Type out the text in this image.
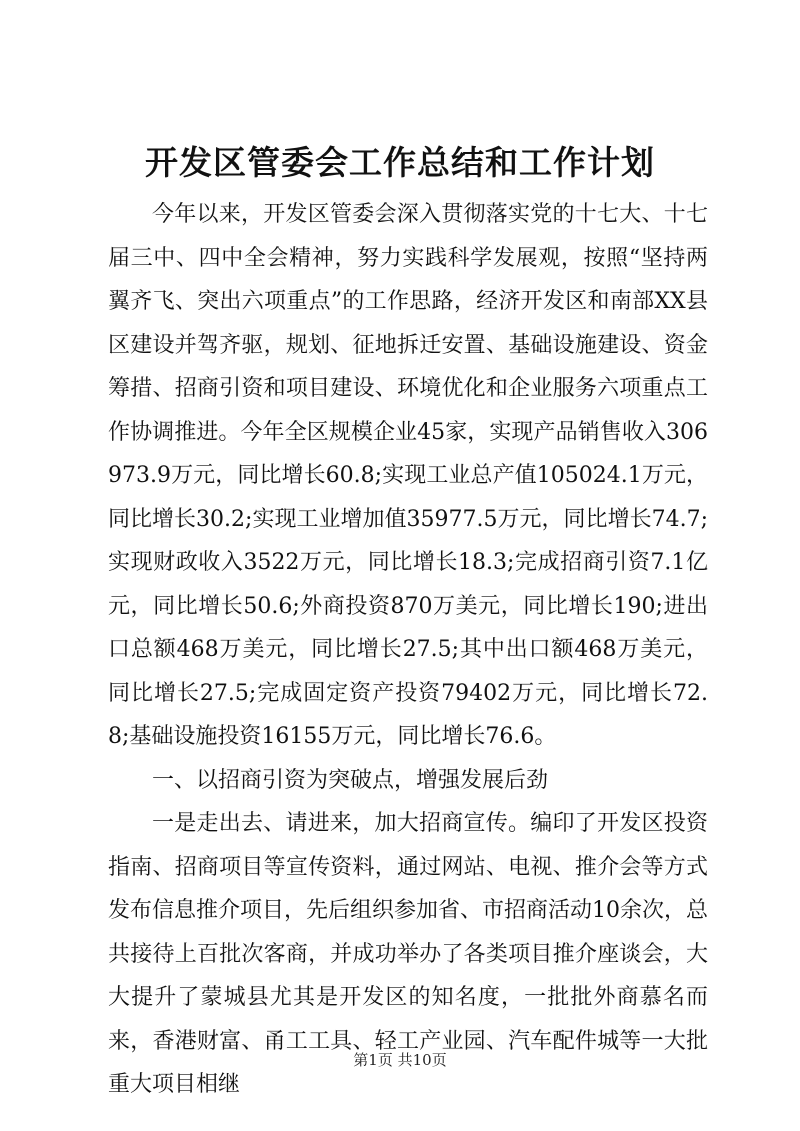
开发区管委会工作总结和工作计划

今年以来，开发区管委会深入贯彻落实党的十七大、十七届三中、四中全会精神，努力实践科学发展观，按照“坚持两翼齐飞、突出六项重点”的工作思路，经济开发区和南部XX县区建设并驾齐驱，规划、征地拆迁安置、基础设施建设、资金筹措、招商引资和项目建设、环境优化和企业服务六项重点工作协调推进。今年全区规模企业45家，实现产品销售收入306973.9万元，同比增长60.8;实现工业总产值105024.1万元，同比增长30.2;实现工业增加值35977.5万元，同比增长74.7;实现财政收入3522万元，同比增长18.3;完成招商引资7.1亿元，同比增长50.6;外商投资870万美元，同比增长190;进出口总额468万美元，同比增长27.5;其中出口额468万美元，同比增长27.5;完成固定资产投资79402万元，同比增长72.8;基础设施投资16155万元，同比增长76.6。

一、以招商引资为突破点，增强发展后劲

一是走出去、请进来，加大招商宣传。编印了开发区投资指南、招商项目等宣传资料，通过网站、电视、推介会等方式发布信息推介项目，先后组织参加省、市招商活动10余次，总共接待上百批次客商，并成功举办了各类项目推介座谈会，大大提升了蒙城县尤其是开发区的知名度，一批批外商慕名而来，香港财富、甬工工具、轻工产业园、汽车配件城等一大批重大项目相继

第1页 共10页
